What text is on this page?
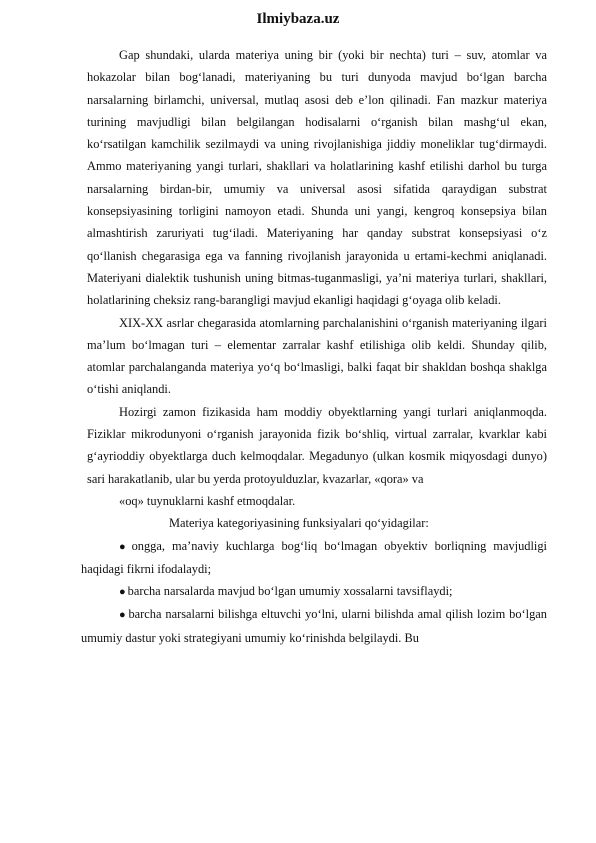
Ilmiybaza.uz

Gap shundaki, ularda materiya uning bir (yoki bir nechta) turi – suv, atomlar va hokazolar bilan bog‘lanadi, materiyaning bu turi dunyoda mavjud bo‘lgan barcha narsalarning birlamchi, universal, mutlaq asosi deb e’lon qilinadi. Fan mazkur materiya turining mavjudligi bilan belgilangan hodisalarni o‘rganish bilan mashg‘ul ekan, ko‘rsatilgan kamchilik sezilmaydi va uning rivojlanishiga jiddiy moneliklar tug‘dirmaydi. Ammo materiyaning yangi turlari, shakllari va holatlarining kashf etilishi darhol bu turga narsalarning birdan-bir, umumiy va universal asosi sifatida qaraydigan substrat konsepsiyasining torligini namoyon etadi. Shunda uni yangi, kengroq konsepsiya bilan almashtirish zaruriyati tug‘iladi. Materiyaning har qanday substrat konsepsiyasi o‘z qo‘llanish chegarasiga ega va fanning rivojlanish jarayonida u ertami-kechmi aniqlanadi. Materiyani dialektik tushunish uning bitmas-tuganmasligi, ya’ni materiya turlari, shakllari, holatlarining cheksiz rang-barangligi mavjud ekanligi haqidagi g‘oyaga olib keladi.

XIX-XX asrlar chegarasida atomlarning parchalanishini o‘rganish materiyaning ilgari ma’lum bo‘lmagan turi – elementar zarralar kashf etilishiga olib keldi. Shunday qilib, atomlar parchalanganda materiya yo‘q bo‘lmasligi, balki faqat bir shakldan boshqa shaklga o‘tishi aniqlandi.

Hozirgi zamon fizikasida ham moddiy obyektlarning yangi turlari aniqlanmoqda. Fiziklar mikrodunyoni o‘rganish jarayonida fizik bo‘shliq, virtual zarralar, kvarklar kabi g‘ayrioddiy obyektlarga duch kelmoqdalar. Megadunyo (ulkan kosmik miqyosdagi dunyo) sari harakatlanib, ular bu yerda protoyulduzlar, kvazarlar, «qora» va

«oq» tuynuklarni kashf etmoqdalar.

Materiya kategoriyasining funksiyalari qo‘yidagilar:

● ongga, ma’naviy kuchlarga bog‘liq bo‘lmagan obyektiv borliqning mavjudligi haqidagi fikrni ifodalaydi;

● barcha narsalarda mavjud bo‘lgan umumiy xossalarni tavsiflaydi;

● barcha narsalarni bilishga eltuvchi yo‘lni, ularni bilishda amal qilish lozim bo‘lgan umumiy dastur yoki strategiyani umumiy ko‘rinishda belgilaydi. Bu
